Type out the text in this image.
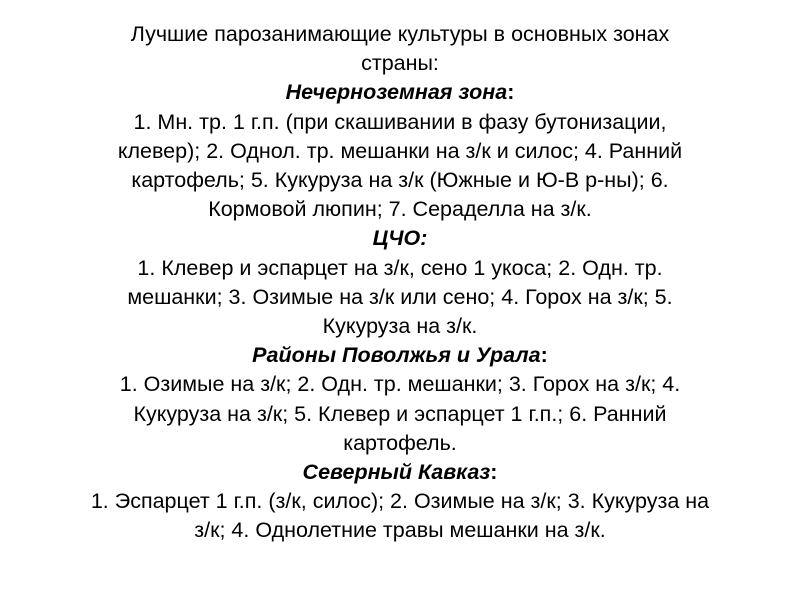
Лучшие парозанимающие культуры в основных зонах
страны:
Нечерноземная зона:
1. Мн. тр. 1 г.п. (при скашивании в фазу бутонизации,
клевер); 2. Однол. тр. мешанки на з/к и силос; 4. Ранний
картофель; 5. Кукуруза на з/к (Южные и Ю-В р-ны); 6.
Кормовой люпин; 7. Сераделла на з/к.
ЦЧО:
1. Клевер и эспарцет на з/к, сено 1 укоса; 2. Одн. тр.
мешанки; 3. Озимые на з/к или сено; 4. Горох на з/к; 5.
Кукуруза на з/к.
Районы Поволжья и Урала:
1. Озимые на з/к; 2. Одн. тр. мешанки; 3. Горох на з/к; 4.
Кукуруза на з/к; 5. Клевер и эспарцет 1 г.п.; 6. Ранний
картофель.
Северный Кавказ:
1. Эспарцет 1 г.п. (з/к, силос); 2. Озимые на з/к; 3. Кукуруза на
з/к; 4. Однолетние травы мешанки на з/к.
